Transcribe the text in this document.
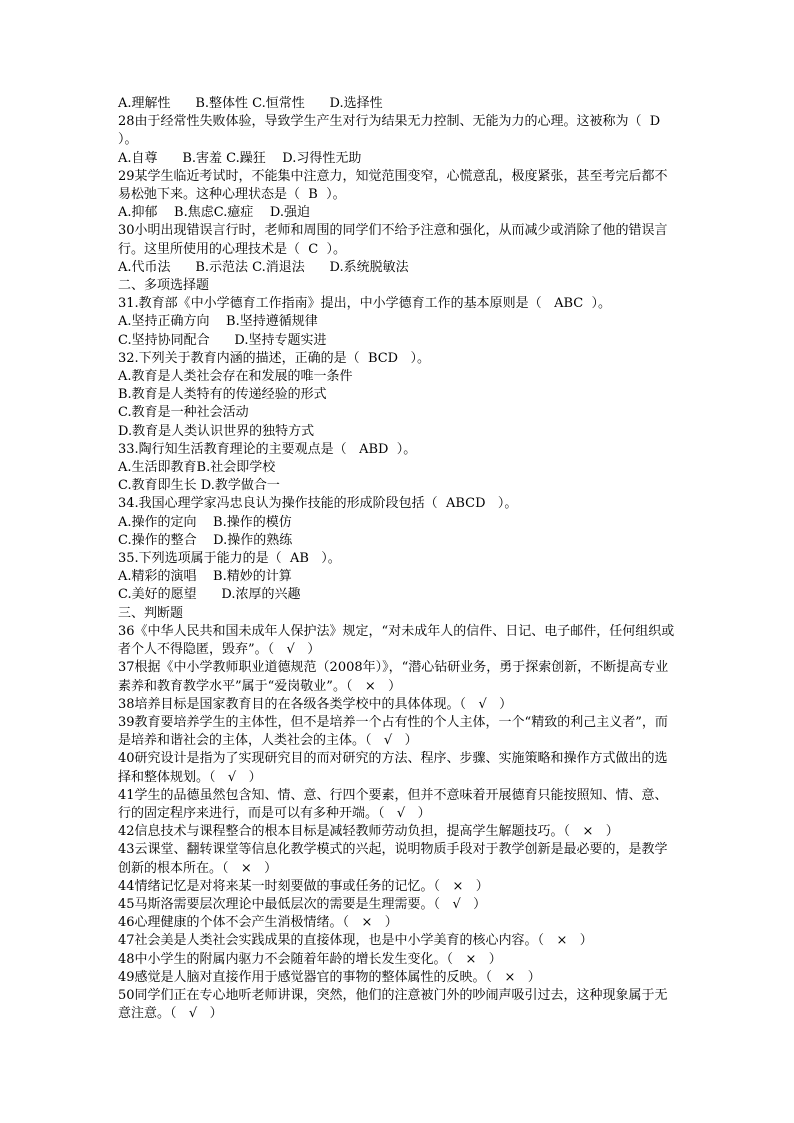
A.理解性      B.整体性 C.恒常性      D.选择性

28由于经常性失败体验，导致学生产生对行为结果无力控制、无能为力的心理。这被称为（  D  ）。

A.自尊      B.害羞 C.躁狂    D.习得性无助

29某学生临近考试时，不能集中注意力，知觉范围变窄，心慌意乱，极度紧张，甚至考完后都不易松弛下来。这种心理状态是（  B  ）。

A.抑郁    B.焦虑C.癔症    D.强迫

30小明出现错误言行时，老师和周围的同学们不给予注意和强化，从而减少或消除了他的错误言行。这里所使用的心理技术是（  C  ）。

A.代币法      B.示范法 C.消退法      D.系统脱敏法

二、多项选择题

31.教育部《中小学德育工作指南》提出，中小学德育工作的基本原则是（   ABC  ）。

A.坚持正确方向    B.坚持遵循规律

C.坚持协同配合      D.坚持专题实进

32.下列关于教育内涵的描述，正确的是（  BCD   ）。

A.教育是人类社会存在和发展的唯一条件

B.教育是人类特有的传递经验的形式

C.教育是一种社会活动

D.教育是人类认识世界的独特方式

33.陶行知生活教育理论的主要观点是（   ABD  ）。

A.生活即教育B.社会即学校

C.教育即生长 D.教学做合一

34.我国心理学家冯忠良认为操作技能的形成阶段包括（  ABCD   ）。

A.操作的定向    B.操作的模仿

C.操作的整合    D.操作的熟练

35.下列选项属于能力的是（  AB   ）。

A.精彩的演唱    B.精妙的计算

C.美好的愿望      D.浓厚的兴趣

三、判断题

36《中华人民共和国未成年人保护法》规定，“对未成年人的信件、日记、电子邮件，任何组织或者个人不得隐匿，毁弃”。（   √   ）

37根据《中小学教师职业道德规范（2008年）》，“潜心钻研业务，勇于探索创新，不断提高专业素养和教育教学水平”属于“爱岗敬业”。（   ×   ）

38培养目标是国家教育目的在各级各类学校中的具体体现。（   √   ）

39教育要培养学生的主体性，但不是培养一个占有性的个人主体，一个“精致的利己主义者”，而是培养和谐社会的主体，人类社会的主体。（   √   ）

40研究设计是指为了实现研究目的而对研究的方法、程序、步骤、实施策略和操作方式做出的选择和整体规划。（   √   ）

41学生的品德虽然包含知、情、意、行四个要素，但并不意味着开展德育只能按照知、情、意、行的固定程序来进行，而是可以有多种开端。（   √   ）

42信息技术与课程整合的根本目标是减轻教师劳动负担，提高学生解题技巧。（   ×   ）

43云课堂、翻转课堂等信息化教学模式的兴起，说明物质手段对于教学创新是最必要的，是教学创新的根本所在。（   ×   ）

44情绪记忆是对将来某一时刻要做的事或任务的记忆。（   ×   ）

45马斯洛需要层次理论中最低层次的需要是生理需要。（   √   ）

46心理健康的个体不会产生消极情绪。（   ×   ）

47社会美是人类社会实践成果的直接体现，也是中小学美育的核心内容。（   ×   ）

48中小学生的附属内驱力不会随着年龄的增长发生变化。（   ×   ）

49感觉是人脑对直接作用于感觉器官的事物的整体属性的反映。（   ×   ）

50同学们正在专心地听老师讲课，突然，他们的注意被门外的吵闹声吸引过去，这种现象属于无意注意。（   √   ）
